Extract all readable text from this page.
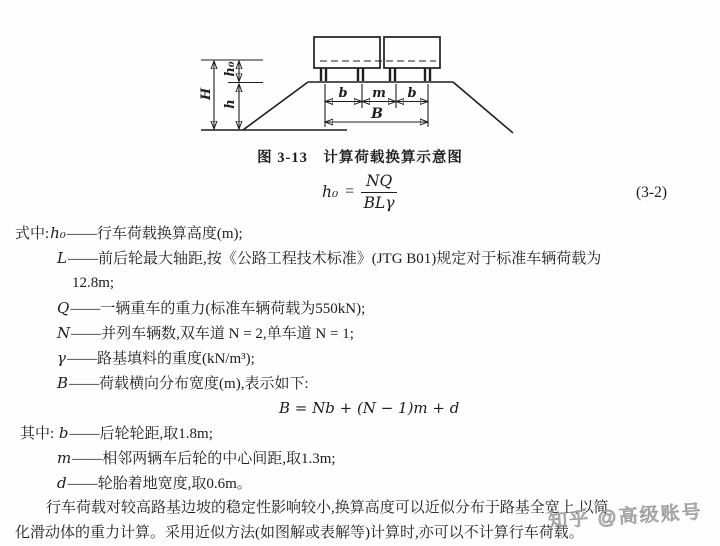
H
h₀
h
b m b
B
图 3-13　计算荷载换算示意图
$h_0 = \frac{NQ}{\text{BLγ}}$	(3-2)
式中:h₀——行车荷载换算高度(m);
L——前后轮最大轴距,按《公路工程技术标准》(JTG B01)规定对于标准车辆荷载为
12.8m;
Q——一辆重车的重力(标准车辆荷载为550kN);
N——并列车辆数,双车道 N = 2,单车道 N = 1;
γ——路基填料的重度(kN/m³);
B——荷载横向分布宽度(m),表示如下:
B = Nb + (N − 1)m + d
其中: b——后轮轮距,取1.8m;
m——相邻两辆车后轮的中心间距,取1.3m;
d——轮胎着地宽度,取0.6m。
行车荷载对较高路基边坡的稳定性影响较小,换算高度可以近似分布于路基全宽上,以简
化滑动体的重力计算。采用近似方法(如图解或表解等)计算时,亦可以不计算行车荷载。
知乎 @高级账号
